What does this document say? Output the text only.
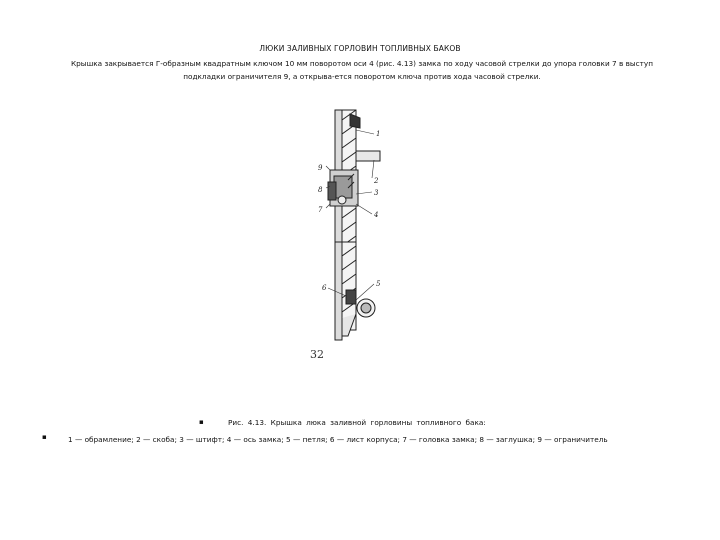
ЛЮКИ ЗАЛИВНЫХ ГОРЛОВИН ТОПЛИВНЫХ БАКОВ
Крышка закрывается Г-образным квадратным ключом 10 мм поворотом оси 4 (рис. 4.13) замка по ходу часовой стрелки до упора головки 7 в выступ подкладки ограничителя 9, а открыва-ется поворотом ключа против хода часовой стрелки.
1
2
3
4
5
6
7
8
9
32
▪	Рис. 4.13. Крышка люка заливной горловины топливного бака:
▪	1 — обрамление; 2 — скоба; 3 — штифт; 4 — ось замка; 5 — петля; 6 — лист корпуса; 7 — головка замка; 8 — заглушка; 9 — ограничитель
